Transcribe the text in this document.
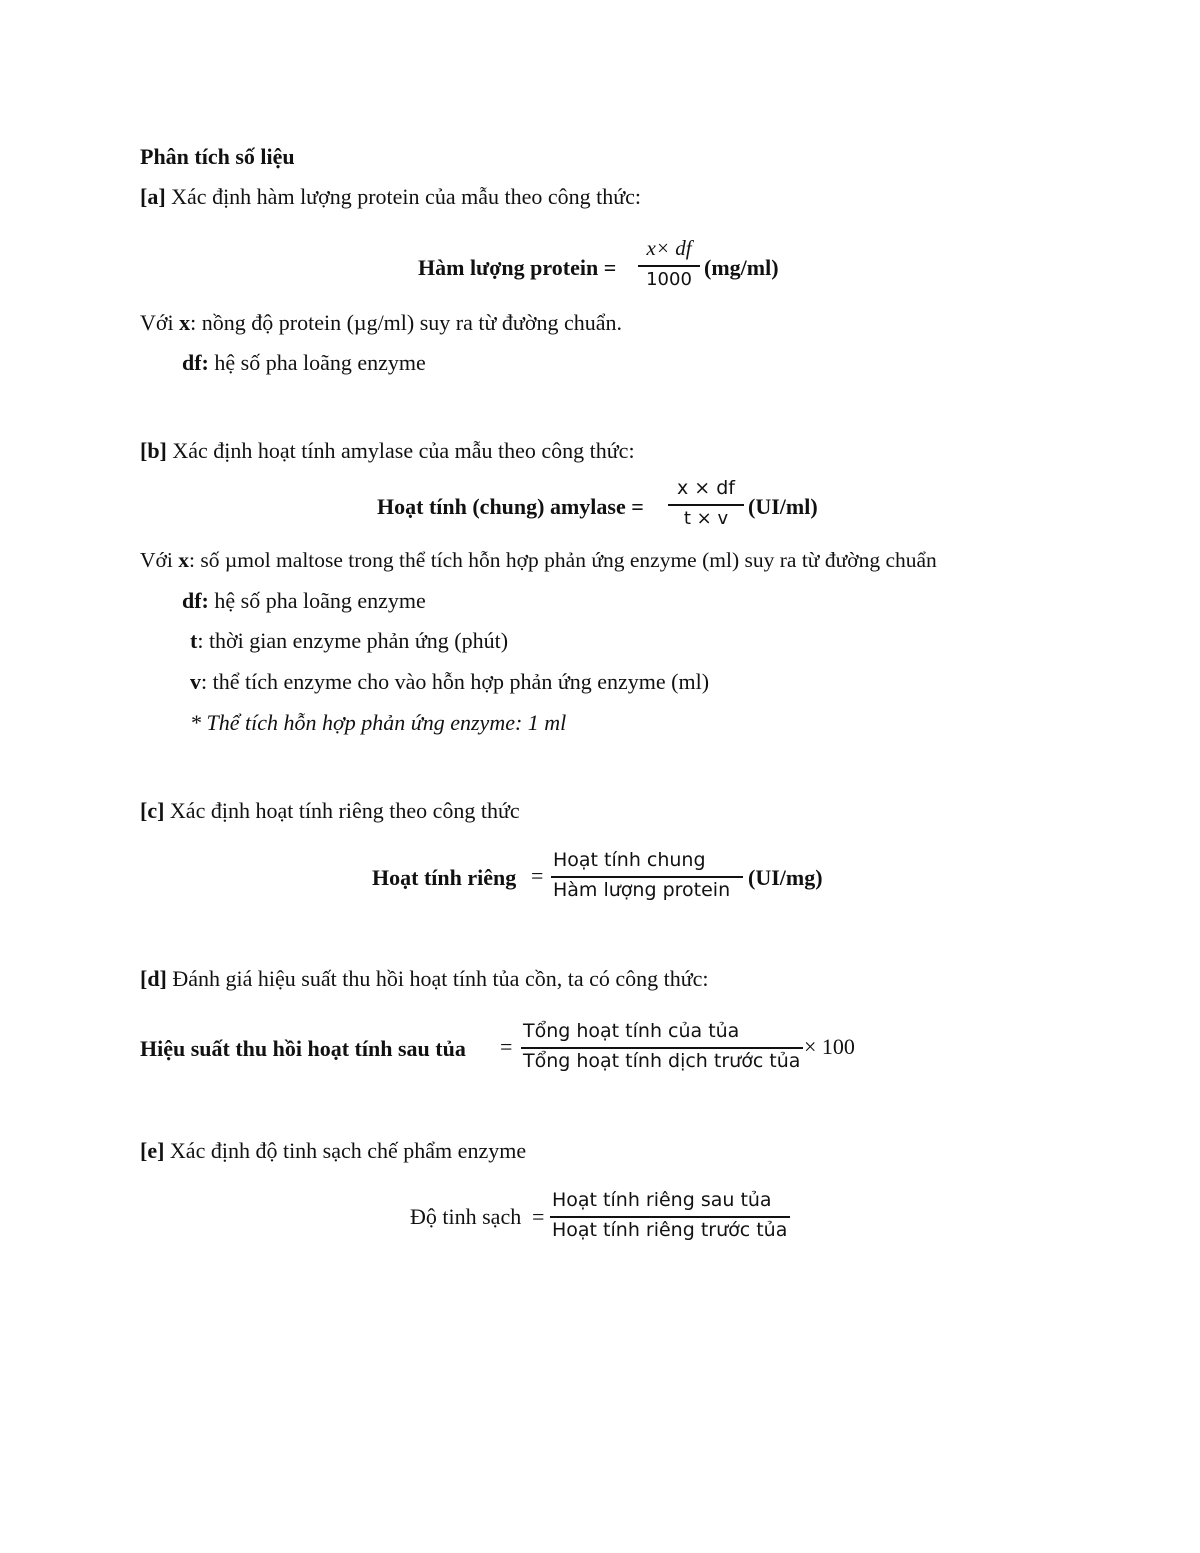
Phân tích số liệu
[a] Xác định hàm lượng protein của mẫu theo công thức:
Hàm lượng protein =
x× df
1000 (mg/ml)
Với x: nồng độ protein (µg/ml) suy ra từ đường chuẩn.
df: hệ số pha loãng enzyme
[b] Xác định hoạt tính amylase của mẫu theo công thức:
Hoạt tính (chung) amylase =
x × df
t × v (UI/ml)
Với x: số µmol maltose trong thể tích hỗn hợp phản ứng enzyme (ml) suy ra từ đường chuẩn
df: hệ số pha loãng enzyme
t: thời gian enzyme phản ứng (phút)
v: thể tích enzyme cho vào hỗn hợp phản ứng enzyme (ml)
* Thể tích hỗn hợp phản ứng enzyme: 1 ml
[c] Xác định hoạt tính riêng theo công thức
Hoạt tính riêng =
Hoạt tính chung
Hàm lượng protein (UI/mg)
[d] Đánh giá hiệu suất thu hồi hoạt tính tủa cồn, ta có công thức:
Hiệu suất thu hồi hoạt tính sau tủa =
Tổng hoạt tính của tủa
Tổng hoạt tính dịch trước tủa
× 100
[e] Xác định độ tinh sạch chế phẩm enzyme
Độ tinh sạch =
Hoạt tính riêng sau tủa
Hoạt tính riêng trước tủa
